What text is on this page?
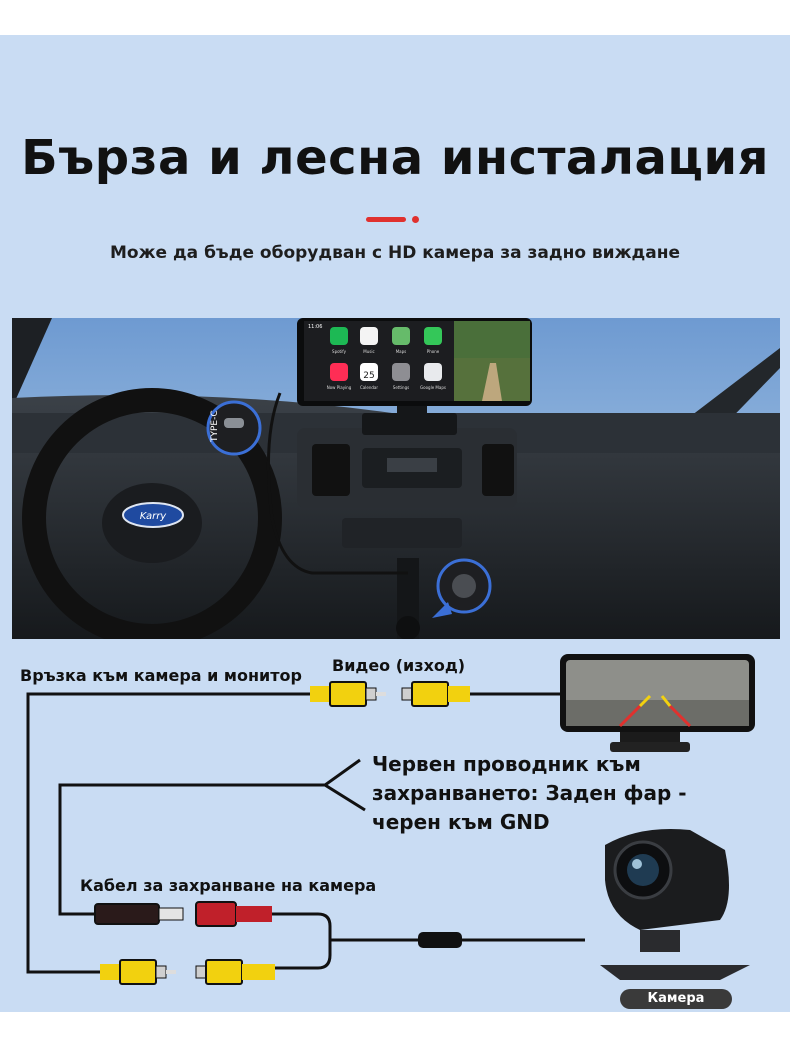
Бърза и лесна инсталация
Може да бъде оборудван с HD камера за задно виждане
Karry
11:06
25
Spotify	Music	Maps	Phone
Now Playing Calendar	Settings	Google Maps
TYPE-C
Връзка към камера и монитор
Видео (изход)
Червен проводник към захранването: Заден фар - черен към GND
Кабел за захранване на камера
Камера
